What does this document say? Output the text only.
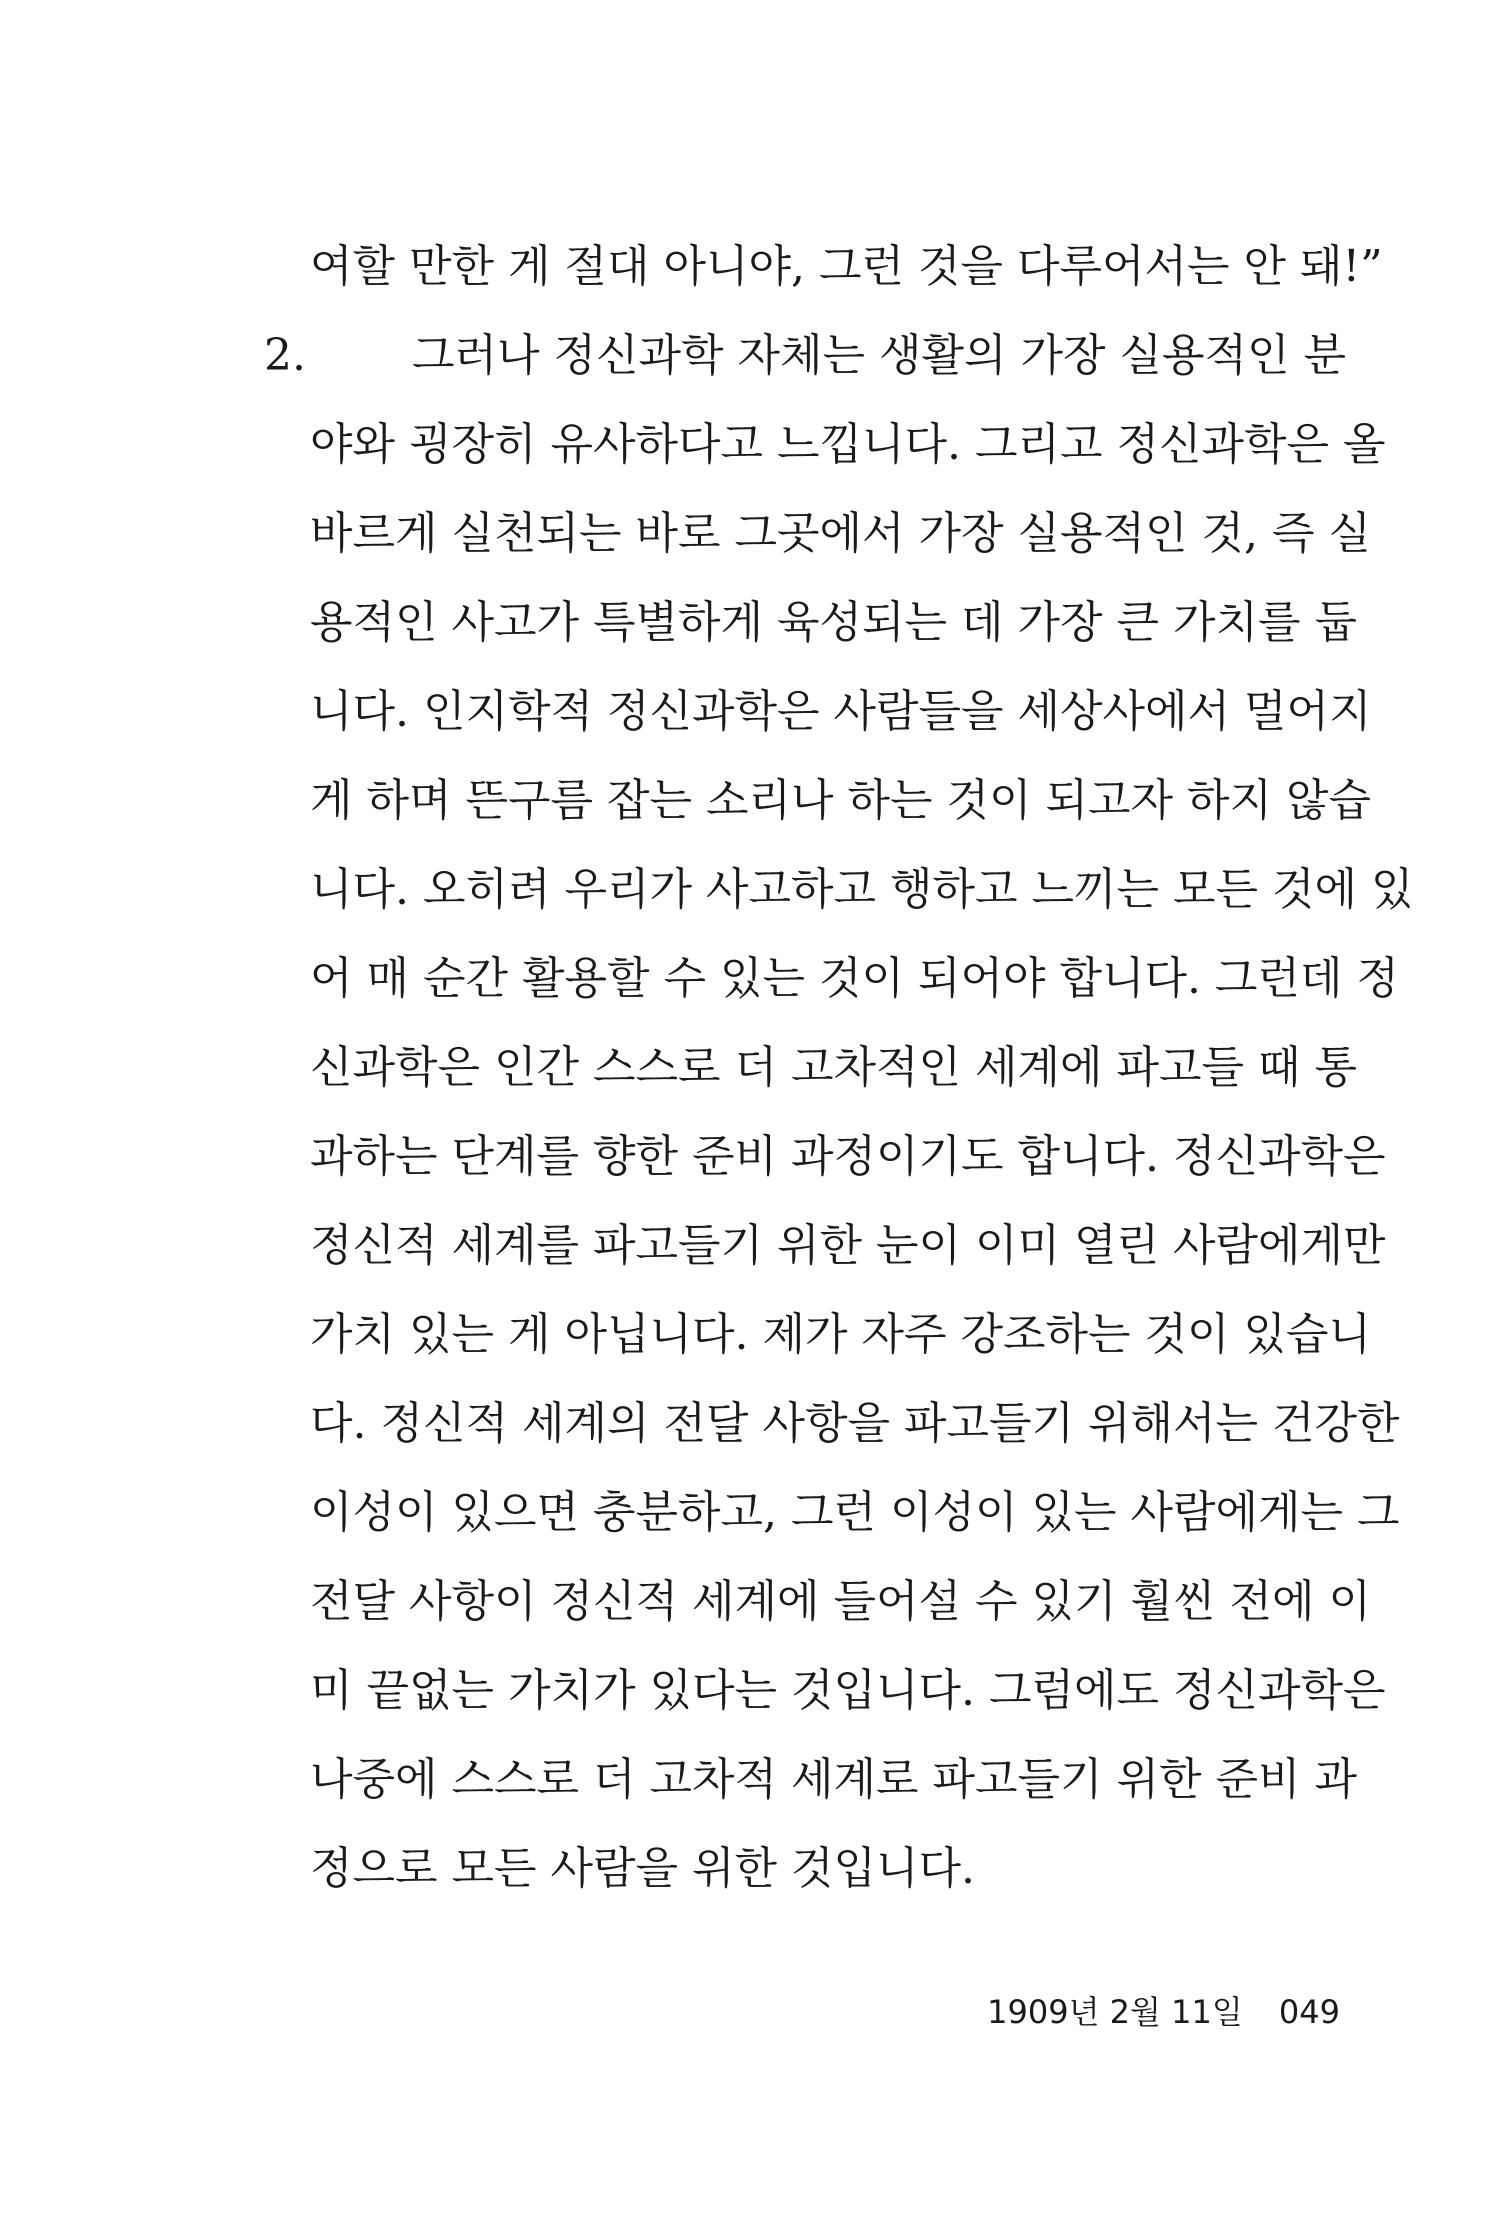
여할 만한 게 절대 아니야, 그런 것을 다루어서는 안 돼!”
그러나 정신과학 자체는 생활의 가장 실용적인 분
야와 굉장히 유사하다고 느낍니다. 그리고 정신과학은 올
바르게 실천되는 바로 그곳에서 가장 실용적인 것, 즉 실
용적인 사고가 특별하게 육성되는 데 가장 큰 가치를 둡
니다. 인지학적 정신과학은 사람들을 세상사에서 멀어지
게 하며 뜬구름 잡는 소리나 하는 것이 되고자 하지 않습
니다. 오히려 우리가 사고하고 행하고 느끼는 모든 것에 있
어 매 순간 활용할 수 있는 것이 되어야 합니다. 그런데 정
신과학은 인간 스스로 더 고차적인 세계에 파고들 때 통
과하는 단계를 향한 준비 과정이기도 합니다. 정신과학은
정신적 세계를 파고들기 위한 눈이 이미 열린 사람에게만
가치 있는 게 아닙니다. 제가 자주 강조하는 것이 있습니
다. 정신적 세계의 전달 사항을 파고들기 위해서는 건강한
이성이 있으면 충분하고, 그런 이성이 있는 사람에게는 그
전달 사항이 정신적 세계에 들어설 수 있기 훨씬 전에 이
미 끝없는 가치가 있다는 것입니다. 그럼에도 정신과학은
나중에 스스로 더 고차적 세계로 파고들기 위한 준비 과
정으로 모든 사람을 위한 것입니다.
2.
1909년 2월 11일 049
